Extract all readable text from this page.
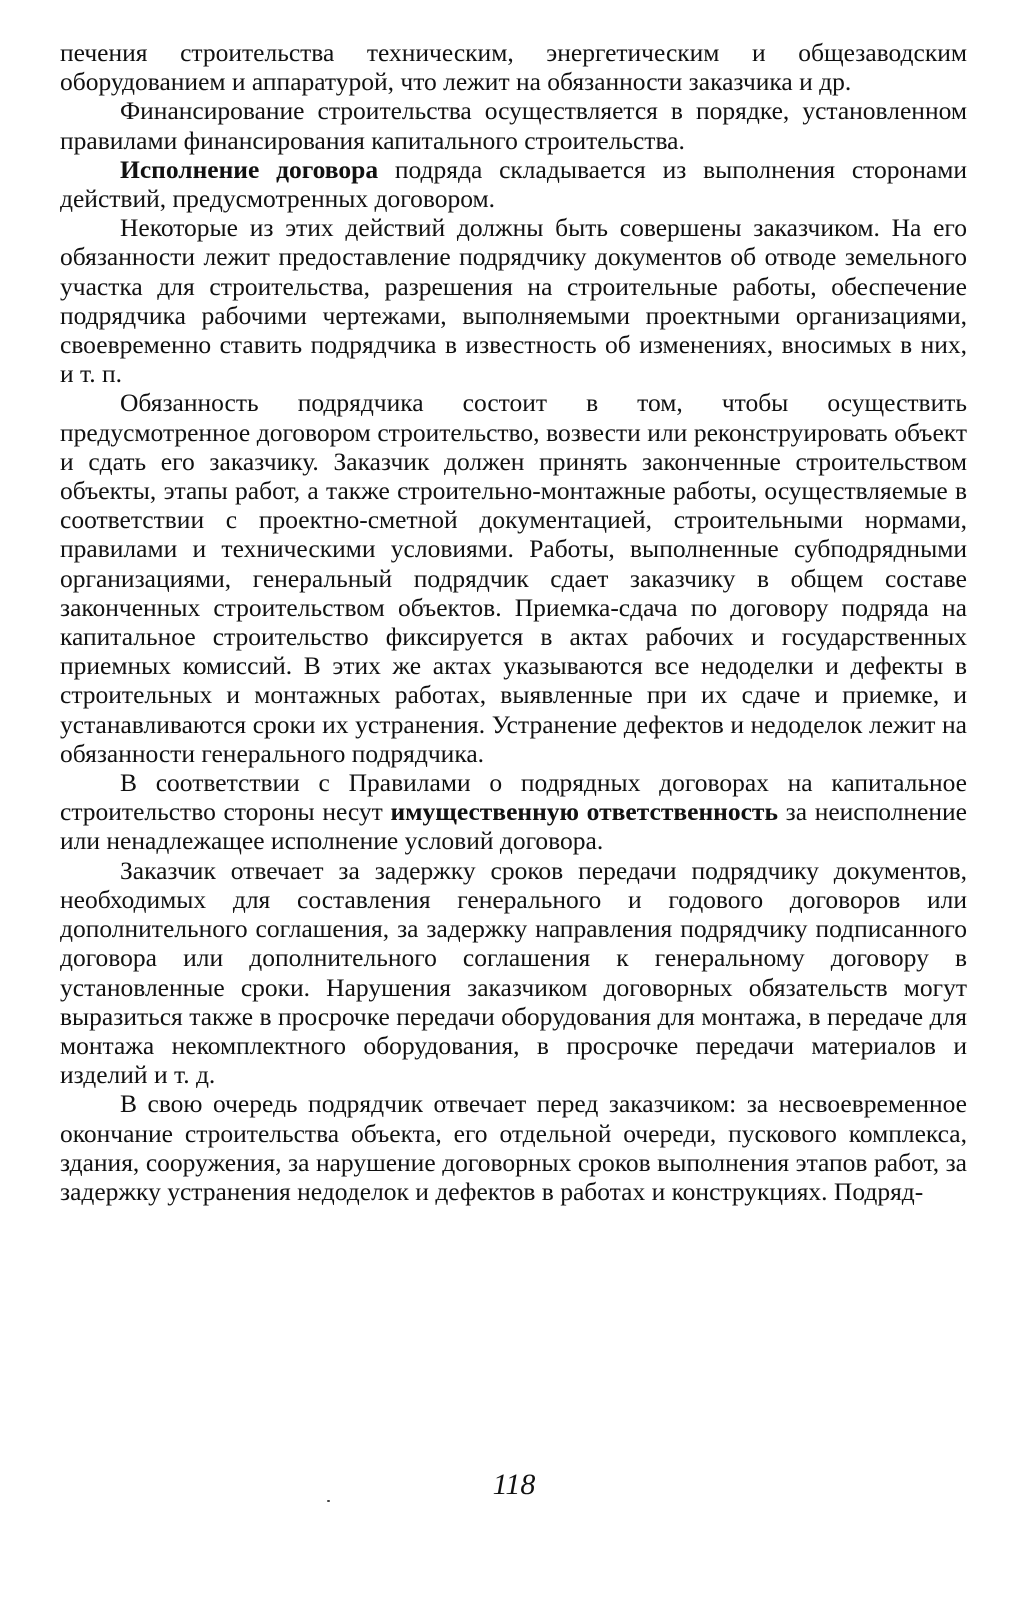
печения строительства техническим, энергетическим и общезаводским оборудованием и аппаратурой, что лежит на обязанности заказчика и др.

Финансирование строительства осуществляется в порядке, установленном правилами финансирования капитального строительства.

Исполнение договора подряда складывается из выполнения сторонами действий, предусмотренных договором.

Некоторые из этих действий должны быть совершены заказчиком. На его обязанности лежит предоставление подрядчику документов об отводе земельного участка для строительства, разрешения на строительные работы, обеспечение подрядчика рабочими чертежами, выполняемыми проектными организациями, своевременно ставить подрядчика в известность об изменениях, вносимых в них, и т. п.

Обязанность подрядчика состоит в том, чтобы осуществить предусмотренное договором строительство, возвести или реконструировать объект и сдать его заказчику. Заказчик должен принять законченные строительством объекты, этапы работ, а также строительно-монтажные работы, осуществляемые в соответствии с проектно-сметной документацией, строительными нормами, правилами и техническими условиями. Работы, выполненные субподрядными организациями, генеральный подрядчик сдает заказчику в общем составе законченных строительством объектов. Приемка-сдача по договору подряда на капитальное строительство фиксируется в актах рабочих и государственных приемных комиссий. В этих же актах указываются все недоделки и дефекты в строительных и монтажных работах, выявленные при их сдаче и приемке, и устанавливаются сроки их устранения. Устранение дефектов и недоделок лежит на обязанности генерального подрядчика.

В соответствии с Правилами о подрядных договорах на капитальное строительство стороны несут имущественную ответственность за неисполнение или ненадлежащее исполнение условий договора.

Заказчик отвечает за задержку сроков передачи подрядчику документов, необходимых для составления генерального и годового договоров или дополнительного соглашения, за задержку направления подрядчику подписанного договора или дополнительного соглашения к генеральному договору в установленные сроки. Нарушения заказчиком договорных обязательств могут выразиться также в просрочке передачи оборудования для монтажа, в передаче для монтажа некомплектного оборудования, в просрочке передачи материалов и изделий и т. д.

В свою очередь подрядчик отвечает перед заказчиком: за несвоевременное окончание строительства объекта, его отдельной очереди, пускового комплекса, здания, сооружения, за нарушение договорных сроков выполнения этапов работ, за задержку устранения недоделок и дефектов в работах и конструкциях. Подряд-

118
